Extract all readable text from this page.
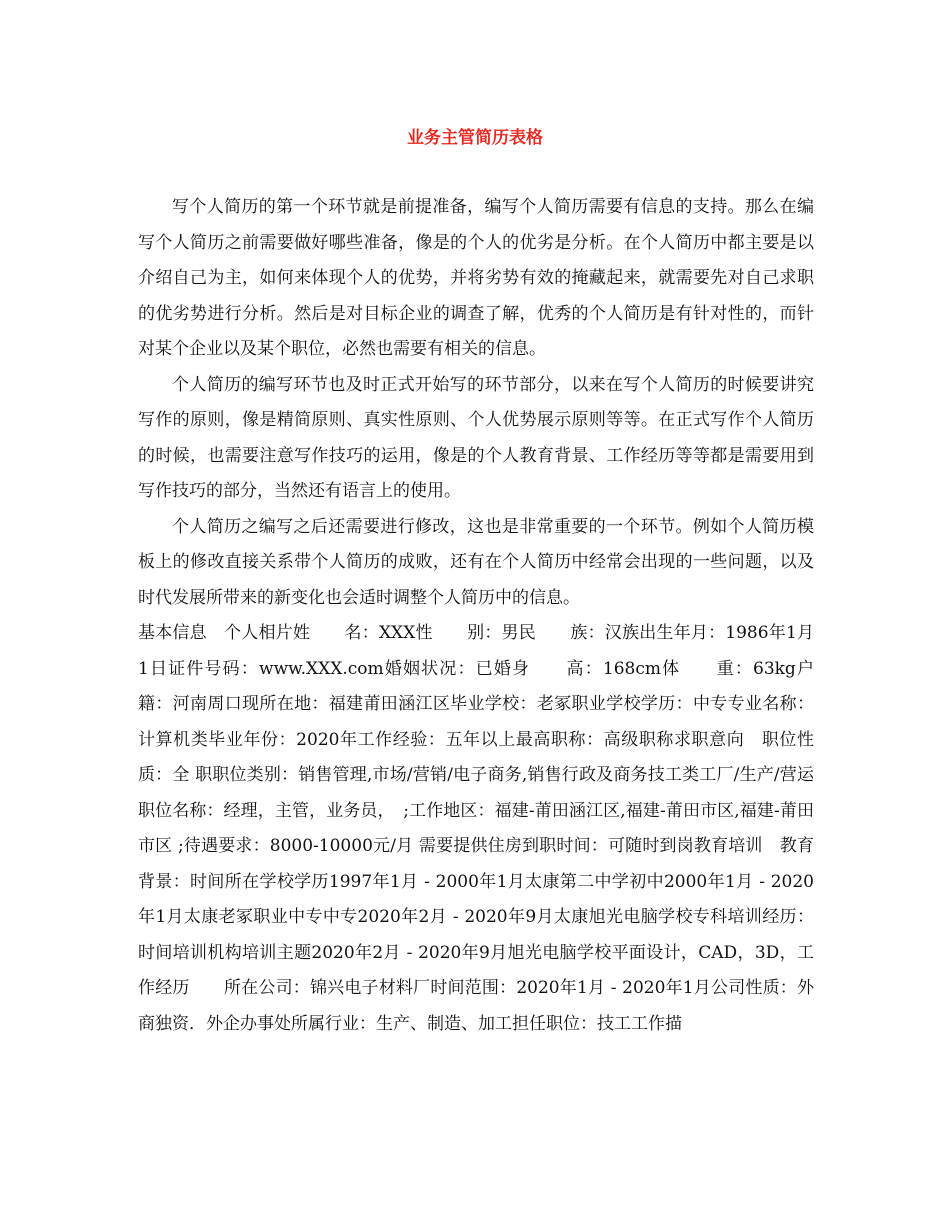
业务主管简历表格

写个人简历的第一个环节就是前提准备，编写个人简历需要有信息的支持。那么在编写个人简历之前需要做好哪些准备，像是的个人的优劣是分析。在个人简历中都主要是以介绍自己为主，如何来体现个人的优势，并将劣势有效的掩藏起来，就需要先对自己求职的优劣势进行分析。然后是对目标企业的调查了解，优秀的个人简历是有针对性的，而针对某个企业以及某个职位，必然也需要有相关的信息。

个人简历的编写环节也及时正式开始写的环节部分，以来在写个人简历的时候要讲究写作的原则，像是精简原则、真实性原则、个人优势展示原则等等。在正式写作个人简历的时候，也需要注意写作技巧的运用，像是的个人教育背景、工作经历等等都是需要用到写作技巧的部分，当然还有语言上的使用。

个人简历之编写之后还需要进行修改，这也是非常重要的一个环节。例如个人简历模板上的修改直接关系带个人简历的成败，还有在个人简历中经常会出现的一些问题，以及时代发展所带来的新变化也会适时调整个人简历中的信息。

基本信息　个人相片姓　　名：XXX性　　别：男民　　族：汉族出生年月：1986年1月1日证件号码：www.XXX.com婚姻状况：已婚身　　高：168cm体　　重：63kg户　　籍：河南周口现所在地：福建莆田涵江区毕业学校：老冢职业学校学历：中专专业名称：计算机类毕业年份：2020年工作经验：五年以上最高职称：高级职称求职意向　职位性质：全 职职位类别：销售管理,市场/营销/电子商务,销售行政及商务技工类工厂/生产/营运职位名称：经理，主管，业务员，　;工作地区：福建-莆田涵江区,福建-莆田市区,福建-莆田市区 ;待遇要求：8000-10000元/月 需要提供住房到职时间：可随时到岗教育培训　教育背景：时间所在学校学历1997年1月 - 2000年1月太康第二中学初中2000年1月 - 2020年1月太康老冢职业中专中专2020年2月 - 2020年9月太康旭光电脑学校专科培训经历：时间培训机构培训主题2020年2月 - 2020年9月旭光电脑学校平面设计，CAD，3D，工作经历　　所在公司：锦兴电子材料厂时间范围：2020年1月 - 2020年1月公司性质：外商独资．外企办事处所属行业：生产、制造、加工担任职位：技工工作描
